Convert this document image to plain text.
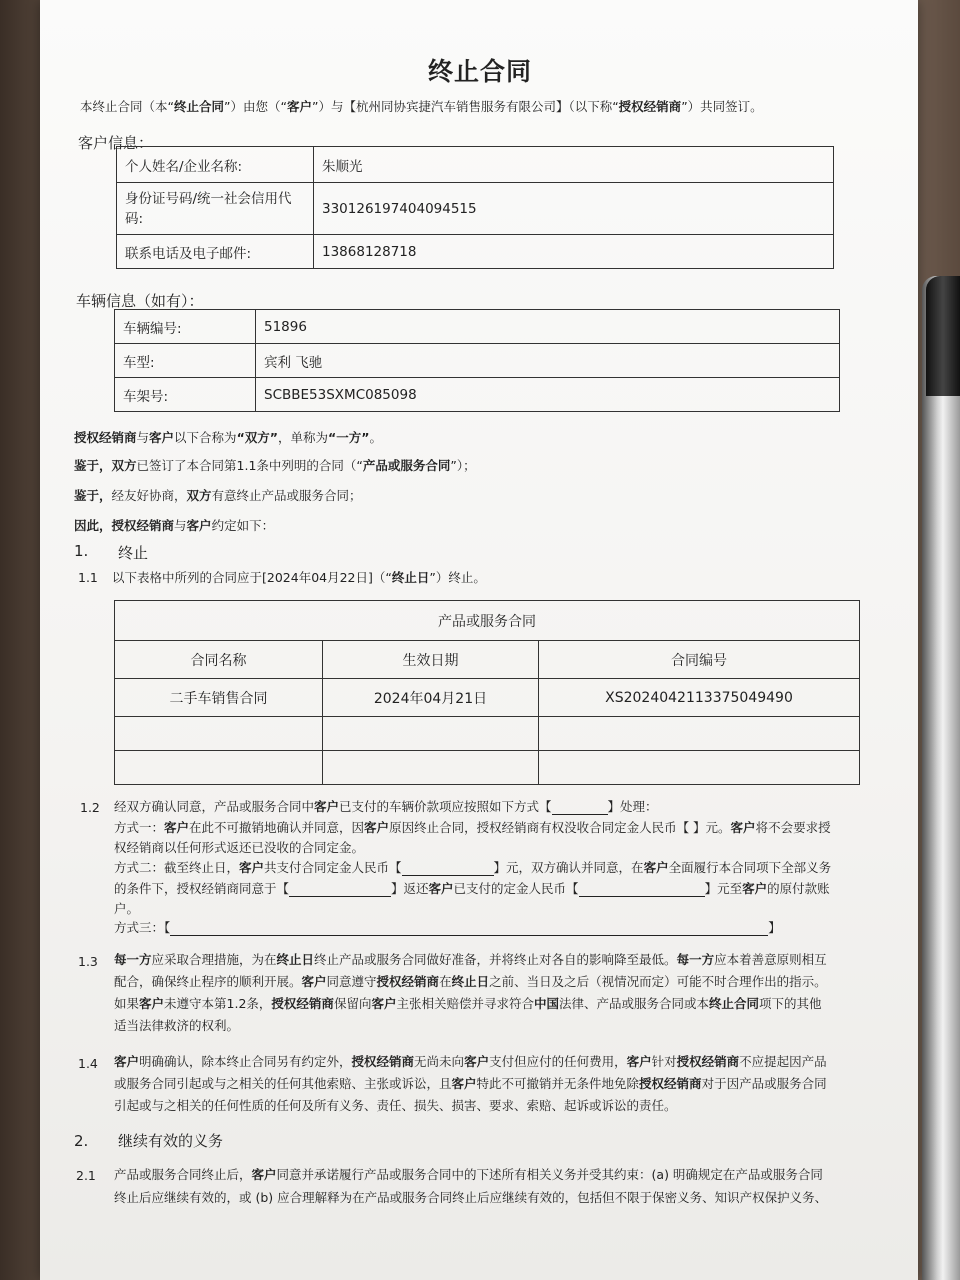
终止合同
本终止合同（本“终止合同”）由您（“客户”）与【杭州同协宾捷汽车销售服务有限公司】（以下称“授权经销商”）共同签订。
客户信息：
个人姓名/企业名称:	朱顺光
身份证号码/统一社会信用代码:	330126197404094515
联系电话及电子邮件:	13868128718
车辆信息（如有）：
车辆编号:	51896
车型:	宾利 飞驰
车架号:	SCBBE53SXMC085098
授权经销商与客户以下合称为“双方”，单称为“一方”。
鉴于，双方已签订了本合同第1.1条中列明的合同（“产品或服务合同”）；
鉴于，经友好协商，双方有意终止产品或服务合同；
因此，授权经销商与客户约定如下：
1. 终止
1.1 以下表格中所列的合同应于[2024年04月22日]（“终止日”）终止。
产品或服务合同		
合同名称	生效日期	合同编号
二手车销售合同	2024年04月21日	XS2024042113375049490

1.2 经双方确认同意，产品或服务合同中客户已支付的车辆价款项应按照如下方式【	】处理：
方式一：客户在此不可撤销地确认并同意，因客户原因终止合同，授权经销商有权没收合同定金人民币【 】元。客户将不会要求授
权经销商以任何形式返还已没收的合同定金。
方式二：截至终止日，客户共支付合同定金人民币【	】元，双方确认并同意，在客户全面履行本合同项下全部义务
的条件下，授权经销商同意于【	】返还客户已支付的定金人民币【	】元至客户的原付款账
户。
方式三：【	】
1.3 每一方应采取合理措施，为在终止日终止产品或服务合同做好准备，并将终止对各自的影响降至最低。每一方应本着善意原则相互
配合，确保终止程序的顺利开展。客户同意遵守授权经销商在终止日之前、当日及之后（视情况而定）可能不时合理作出的指示。
如果客户未遵守本第1.2条，授权经销商保留向客户主张相关赔偿并寻求符合中国法律、产品或服务合同或本终止合同项下的其他
适当法律救济的权利。
1.4 客户明确确认，除本终止合同另有约定外，授权经销商无尚未向客户支付但应付的任何费用，客户针对授权经销商不应提起因产品
或服务合同引起或与之相关的任何其他索赔、主张或诉讼，且客户特此不可撤销并无条件地免除授权经销商对于因产品或服务合同
引起或与之相关的任何性质的任何及所有义务、责任、损失、损害、要求、索赔、起诉或诉讼的责任。
2. 继续有效的义务
2.1 产品或服务合同终止后，客户同意并承诺履行产品或服务合同中的下述所有相关义务并受其约束：(a) 明确规定在产品或服务合同
终止后应继续有效的，或 (b) 应合理解释为在产品或服务合同终止后应继续有效的，包括但不限于保密义务、知识产权保护义务、
